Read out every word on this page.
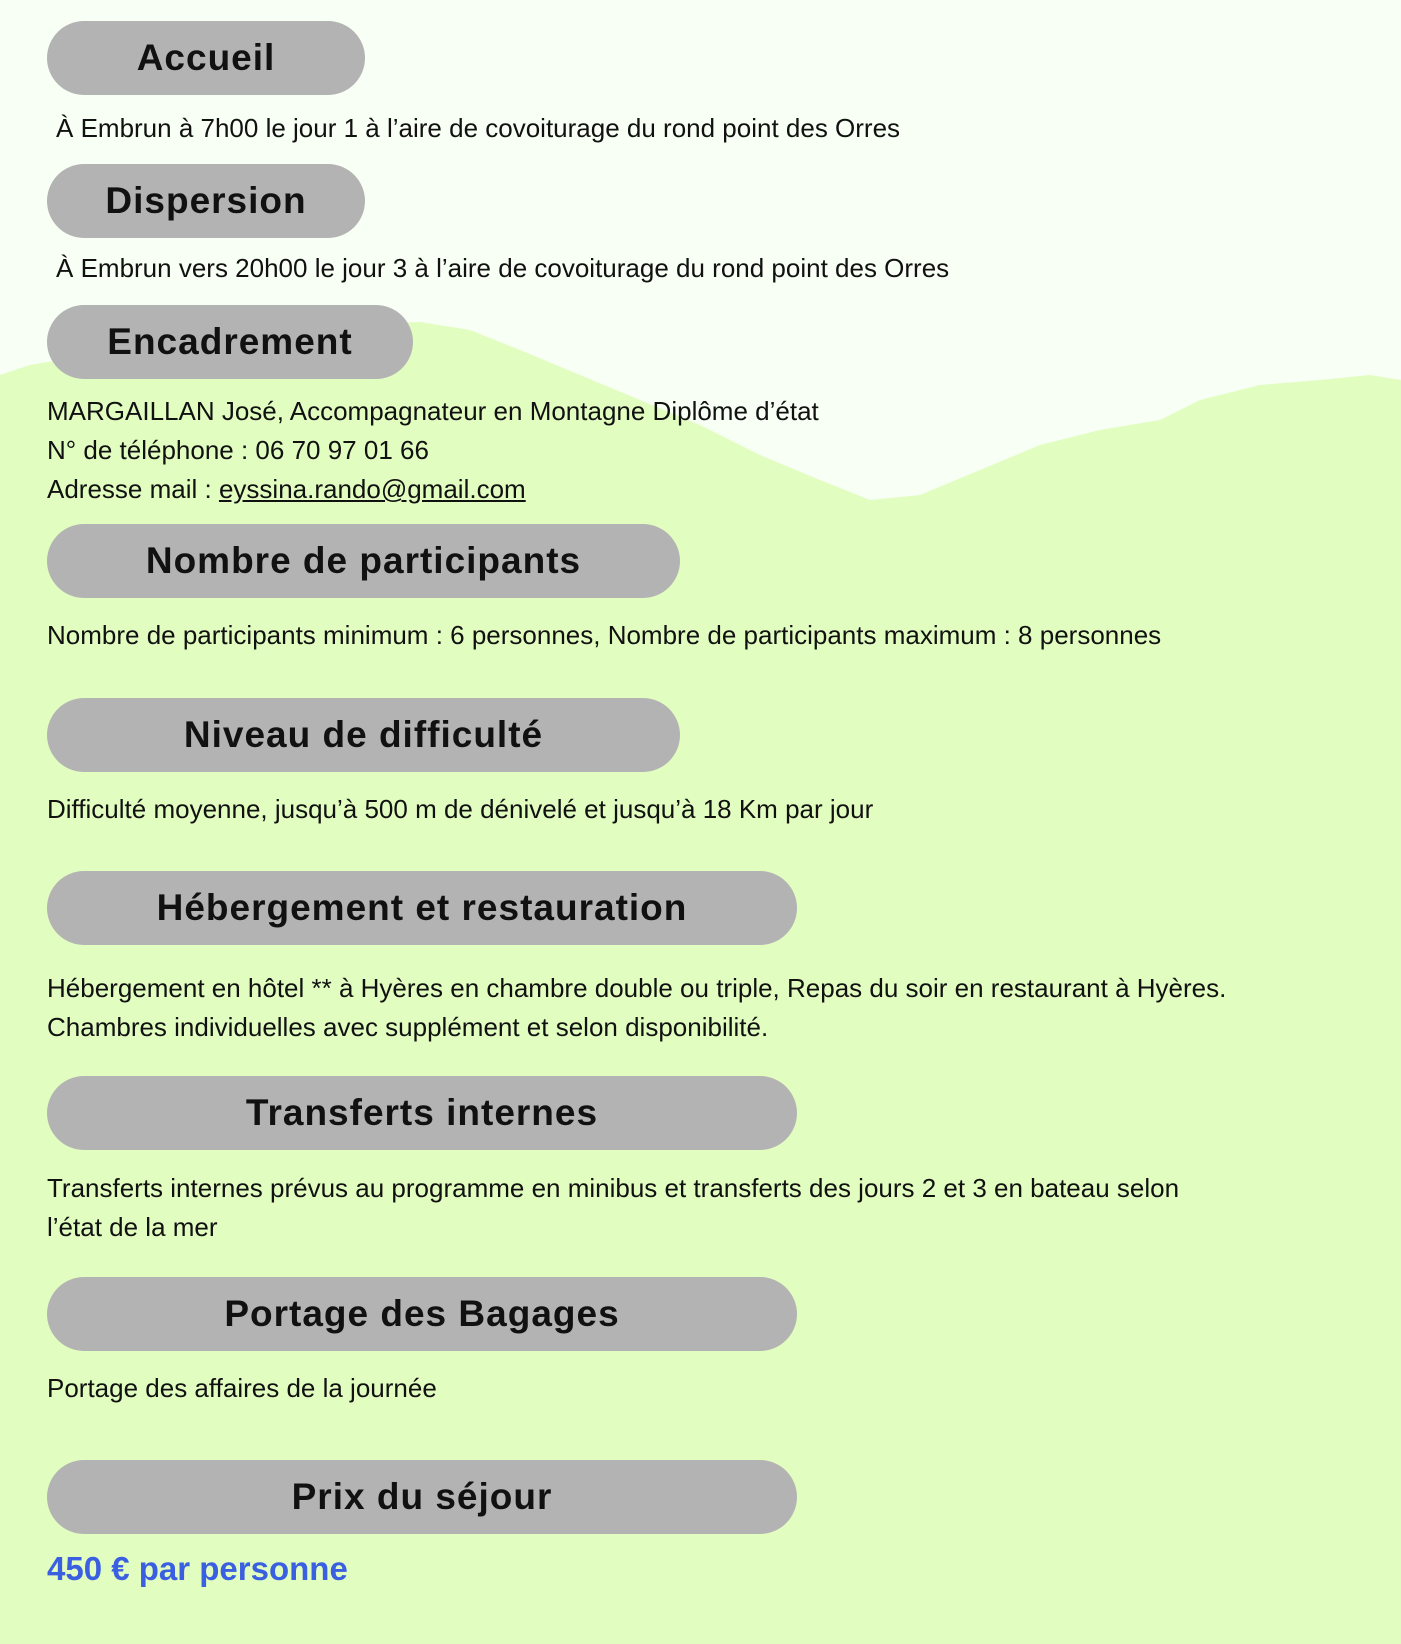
Accueil
À Embrun à 7h00 le jour 1 à l’aire de covoiturage du rond point des Orres
Dispersion
À Embrun vers 20h00 le jour 3 à l’aire de covoiturage du rond point des Orres
Encadrement
MARGAILLAN José, Accompagnateur en Montagne Diplôme d’état
N° de téléphone : 06 70 97 01 66
Adresse mail : eyssina.rando@gmail.com
Nombre de participants
Nombre de participants minimum : 6 personnes, Nombre de participants maximum : 8 personnes
Niveau de difficulté
Difficulté moyenne, jusqu’à 500 m de dénivelé et jusqu’à 18 Km par jour
Hébergement et restauration
Hébergement en hôtel ** à Hyères en chambre double ou triple, Repas du soir en restaurant à Hyères.
Chambres individuelles avec supplément et selon disponibilité.
Transferts internes
Transferts internes prévus au programme en minibus et transferts des jours 2 et 3 en bateau selon
l’état de la mer
Portage des Bagages
Portage des affaires de la journée
Prix du séjour
450 € par personne
